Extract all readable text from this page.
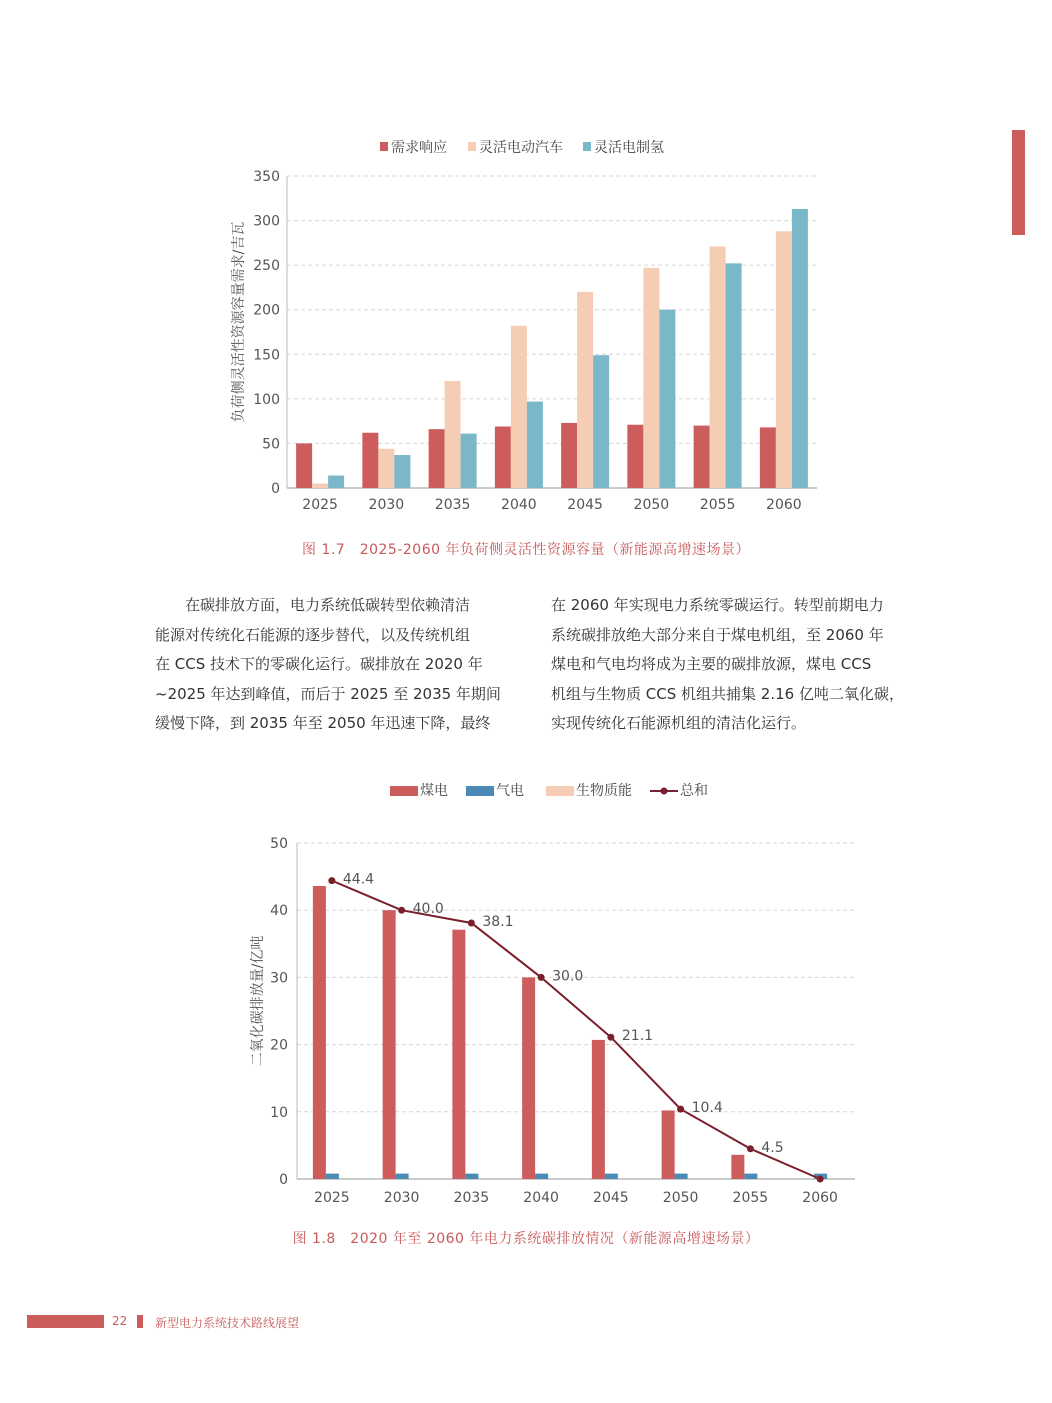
0
50
100
150
200
250
300
350
2025 2030 2035 2040 2045 2050 2055 2060
负荷侧灵活性资源容量需求/吉瓦
需求响应 灵活电动汽车 灵活电制氢
图 1.7　2025-2060 年负荷侧灵活性资源容量（新能源高增速场景）

在碳排放方面，电力系统低碳转型依赖清洁

能源对传统化石能源的逐步替代，以及传统机组

在 CCS 技术下的零碳化运行。碳排放在 2020 年

~2025 年达到峰值，而后于 2025 至 2035 年期间

缓慢下降，到 2035 年至 2050 年迅速下降，最终

在 2060 年实现电力系统零碳运行。转型前期电力

系统碳排放绝大部分来自于煤电机组，至 2060 年

煤电和气电均将成为主要的碳排放源，煤电 CCS

机组与生物质 CCS 机组共捕集 2.16 亿吨二氧化碳，

实现传统化石能源机组的清洁化运行。

0
10
20
30
40
50
2025 2030 2035 2040 2045 2050 2055 2060
44.4
40.0
38.1
30.0
21.1
10.4
4.5
二氧化碳排放量/亿吨
煤电	气电	生物质能	总和
图 1.8　2020 年至 2060 年电力系统碳排放情况（新能源高增速场景）
22 新型电力系统技术路线展望
